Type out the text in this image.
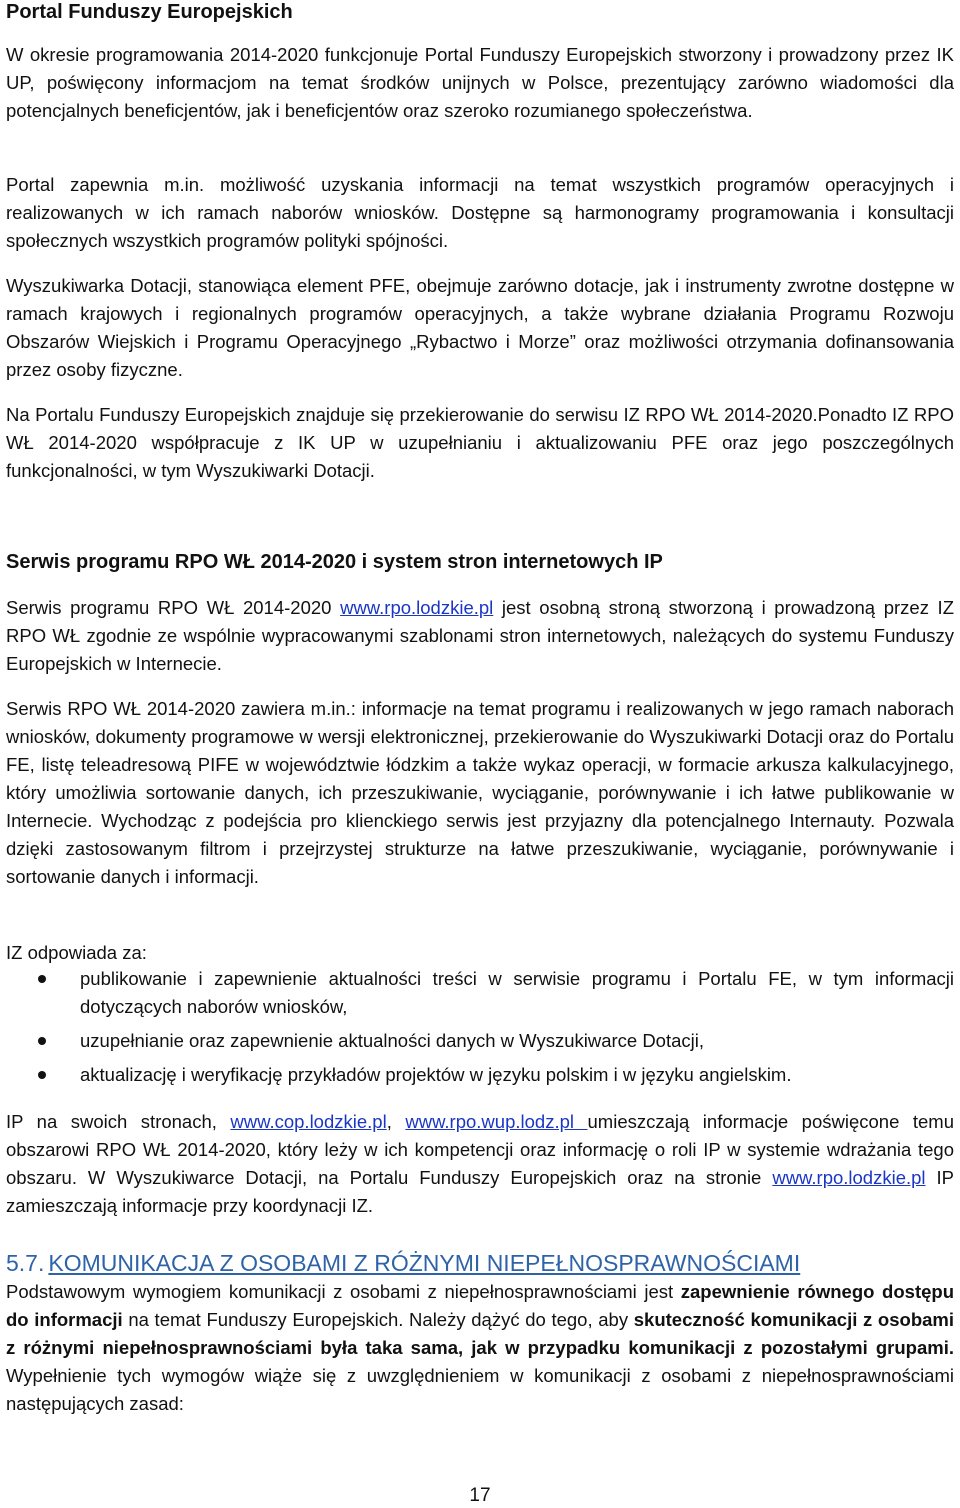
Portal Funduszy Europejskich

W okresie programowania 2014-2020 funkcjonuje Portal Funduszy Europejskich stworzony i prowadzony przez IK UP, poświęcony informacjom na temat środków unijnych w Polsce, prezentujący zarówno wiadomości dla potencjalnych beneficjentów, jak i beneficjentów oraz szeroko rozumianego społeczeństwa.

Portal zapewnia m.in. możliwość uzyskania informacji na temat wszystkich programów operacyjnych i realizowanych w ich ramach naborów wniosków. Dostępne są harmonogramy programowania i konsultacji społecznych wszystkich programów polityki spójności.

Wyszukiwarka Dotacji, stanowiąca element PFE, obejmuje zarówno dotacje, jak i instrumenty zwrotne dostępne w ramach krajowych i regionalnych programów operacyjnych, a także wybrane działania Programu Rozwoju Obszarów Wiejskich i Programu Operacyjnego „Rybactwo i Morze” oraz możliwości otrzymania dofinansowania przez osoby fizyczne.

Na Portalu Funduszy Europejskich znajduje się przekierowanie do serwisu IZ RPO WŁ 2014-2020.Ponadto IZ RPO WŁ 2014-2020 współpracuje z IK UP w uzupełnianiu i aktualizowaniu PFE oraz jego poszczególnych funkcjonalności, w tym Wyszukiwarki Dotacji.

Serwis programu RPO WŁ 2014-2020 i system stron internetowych IP

Serwis programu RPO WŁ 2014-2020 www.rpo.lodzkie.pl jest osobną stroną stworzoną i prowadzoną przez IZ RPO WŁ zgodnie ze wspólnie wypracowanymi szablonami stron internetowych, należących do systemu Funduszy Europejskich w Internecie.

Serwis RPO WŁ 2014-2020 zawiera m.in.: informacje na temat programu i realizowanych w jego ramach naborach wniosków, dokumenty programowe w wersji elektronicznej, przekierowanie do Wyszukiwarki Dotacji oraz do Portalu FE, listę teleadresową PIFE w województwie łódzkim a także wykaz operacji, w formacie arkusza kalkulacyjnego, który umożliwia sortowanie danych, ich przeszukiwanie, wyciąganie, porównywanie i ich łatwe publikowanie w Internecie. Wychodząc z podejścia pro klienckiego serwis jest przyjazny dla potencjalnego Internauty. Pozwala dzięki zastosowanym filtrom i przejrzystej strukturze na łatwe przeszukiwanie, wyciąganie, porównywanie i sortowanie danych i informacji.

IZ odpowiada za:

publikowanie i zapewnienie aktualności treści w serwisie programu i Portalu FE, w tym informacji dotyczących naborów wniosków,
uzupełnianie oraz zapewnienie aktualności danych w Wyszukiwarce Dotacji,
aktualizację i weryfikację przykładów projektów w języku polskim i w języku angielskim.

IP na swoich stronach, www.cop.lodzkie.pl, www.rpo.wup.lodz.pl umieszczają informacje poświęcone temu obszarowi RPO WŁ 2014-2020, który leży w ich kompetencji oraz informację o roli IP w systemie wdrażania tego obszaru. W Wyszukiwarce Dotacji, na Portalu Funduszy Europejskich oraz na stronie www.rpo.lodzkie.pl IP zamieszczają informacje przy koordynacji IZ.

5.7. KOMUNIKACJA Z OSOBAMI Z RÓŻNYMI NIEPEŁNOSPRAWNOŚCIAMI

Podstawowym wymogiem komunikacji z osobami z niepełnosprawnościami jest zapewnienie równego dostępu do informacji na temat Funduszy Europejskich. Należy dążyć do tego, aby skuteczność komunikacji z osobami z różnymi niepełnosprawnościami była taka sama, jak w przypadku komunikacji z pozostałymi grupami. Wypełnienie tych wymogów wiąże się z uwzględnieniem w komunikacji z osobami z niepełnosprawnościami następujących zasad:

17
